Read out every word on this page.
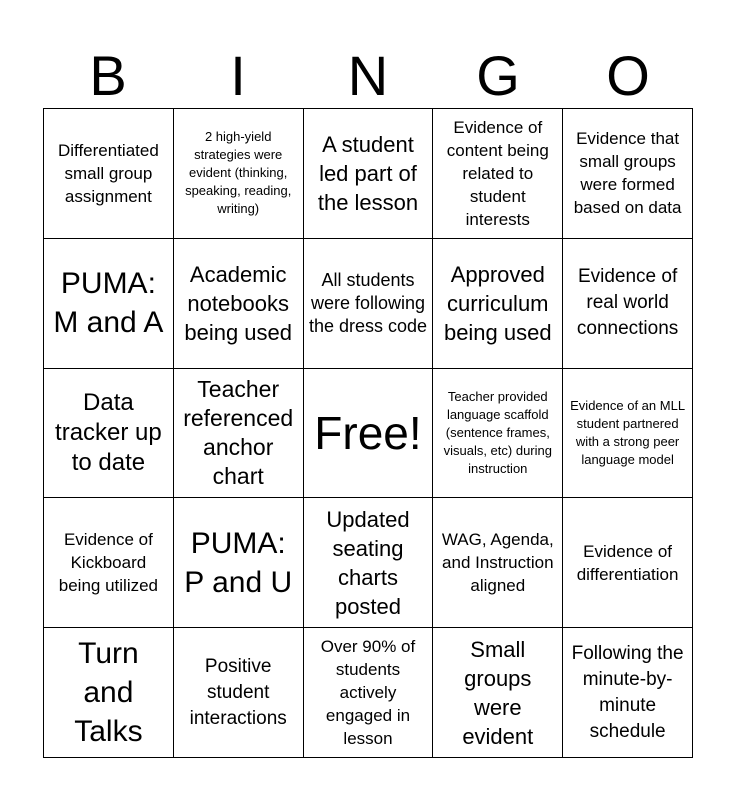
B	I	N	G	O
Differentiated small group assignment
2 high-yield strategies were evident (thinking, speaking, reading, writing)
A student led part of the lesson
Evidence of content being related to student interests
Evidence that small groups were formed based on data
PUMA: M and A
Academic notebooks being used
All students were following the dress code
Approved curriculum being used
Evidence of real world connections
Data tracker up to date
Teacher referenced anchor chart
Free!
Teacher provided language scaffold (sentence frames, visuals, etc) during instruction
Evidence of an MLL student partnered with a strong peer language model
Evidence of Kickboard being utilized
PUMA: P and U
Updated seating charts posted
WAG, Agenda, and Instruction aligned
Evidence of differentiation
Turn and Talks
Positive student interactions
Over 90% of students actively engaged in lesson
Small groups were evident
Following the minute-by-minute schedule
